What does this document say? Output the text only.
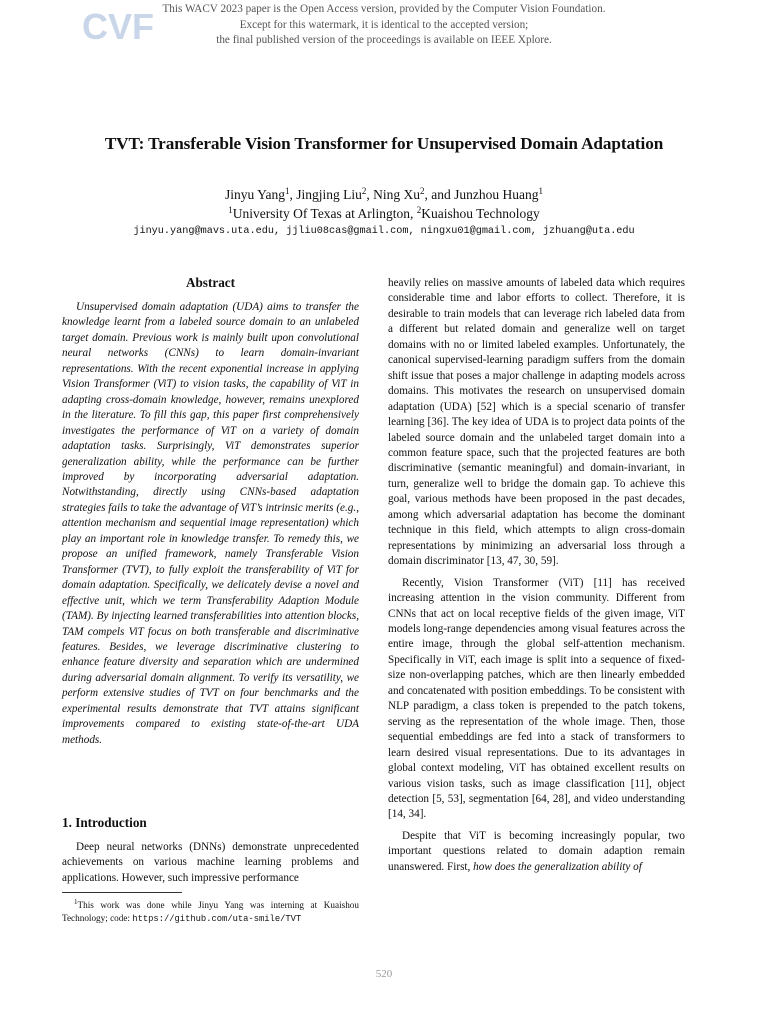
CVF This WACV 2023 paper is the Open Access version, provided by the Computer Vision Foundation.
Except for this watermark, it is identical to the accepted version;
the final published version of the proceedings is available on IEEE Xplore.
TVT: Transferable Vision Transformer for Unsupervised Domain Adaptation
Jinyu Yang$^1$, Jingjing Liu$^2$, Ning Xu$^2$, and Junzhou Huang$^1$
$^1$University Of Texas at Arlington, $^2$Kuaishou Technology
jinyu.yang@mavs.uta.edu, jjliu08cas@gmail.com, ningxu01@gmail.com, jzhuang@uta.edu
Abstract

Unsupervised domain adaptation (UDA) aims to transfer the knowledge learnt from a labeled source domain to an unlabeled target domain. Previous work is mainly built upon convolutional neural networks (CNNs) to learn domain-invariant representations. With the recent exponential increase in applying Vision Transformer (ViT) to vision tasks, the capability of ViT in adapting cross-domain knowledge, however, remains unexplored in the literature. To fill this gap, this paper first comprehensively investigates the performance of ViT on a variety of domain adaptation tasks. Surprisingly, ViT demonstrates superior generalization ability, while the performance can be further improved by incorporating adversarial adaptation. Notwithstanding, directly using CNNs-based adaptation strategies fails to take the advantage of ViT’s intrinsic merits (e.g., attention mechanism and sequential image representation) which play an important role in knowledge transfer. To remedy this, we propose an unified framework, namely Transferable Vision Transformer (TVT), to fully exploit the transferability of ViT for domain adaptation. Specifically, we delicately devise a novel and effective unit, which we term Transferability Adaption Module (TAM). By injecting learned transferabilities into attention blocks, TAM compels ViT focus on both transferable and discriminative features. Besides, we leverage discriminative clustering to enhance feature diversity and separation which are undermined during adversarial domain alignment. To verify its versatility, we perform extensive studies of TVT on four benchmarks and the experimental results demonstrate that TVT attains significant improvements compared to existing state-of-the-art UDA methods.

1. Introduction

Deep neural networks (DNNs) demonstrate unprecedented achievements on various machine learning problems and applications. However, such impressive performance

$^1$This work was done while Jinyu Yang was interning at Kuaishou Technology; code: https://github.com/uta-smile/TVT

heavily relies on massive amounts of labeled data which requires considerable time and labor efforts to collect. Therefore, it is desirable to train models that can leverage rich labeled data from a different but related domain and generalize well on target domains with no or limited labeled examples. Unfortunately, the canonical supervised-learning paradigm suffers from the domain shift issue that poses a major challenge in adapting models across domains. This motivates the research on unsupervised domain adaptation (UDA) [52] which is a special scenario of transfer learning [36]. The key idea of UDA is to project data points of the labeled source domain and the unlabeled target domain into a common feature space, such that the projected features are both discriminative (semantic meaningful) and domain-invariant, in turn, generalize well to bridge the domain gap. To achieve this goal, various methods have been proposed in the past decades, among which adversarial adaptation has become the dominant technique in this field, which attempts to align cross-domain representations by minimizing an adversarial loss through a domain discriminator [13, 47, 30, 59].

Recently, Vision Transformer (ViT) [11] has received increasing attention in the vision community. Different from CNNs that act on local receptive fields of the given image, ViT models long-range dependencies among visual features across the entire image, through the global self-attention mechanism. Specifically in ViT, each image is split into a sequence of fixed-size non-overlapping patches, which are then linearly embedded and concatenated with position embeddings. To be consistent with NLP paradigm, a class token is prepended to the patch tokens, serving as the representation of the whole image. Then, those sequential embeddings are fed into a stack of transformers to learn desired visual representations. Due to its advantages in global context modeling, ViT has obtained excellent results on various vision tasks, such as image classification [11], object detection [5, 53], segmentation [64, 28], and video understanding [14, 34].

Despite that ViT is becoming increasingly popular, two important questions related to domain adaption remain unanswered. First, how does the generalization ability of

520
